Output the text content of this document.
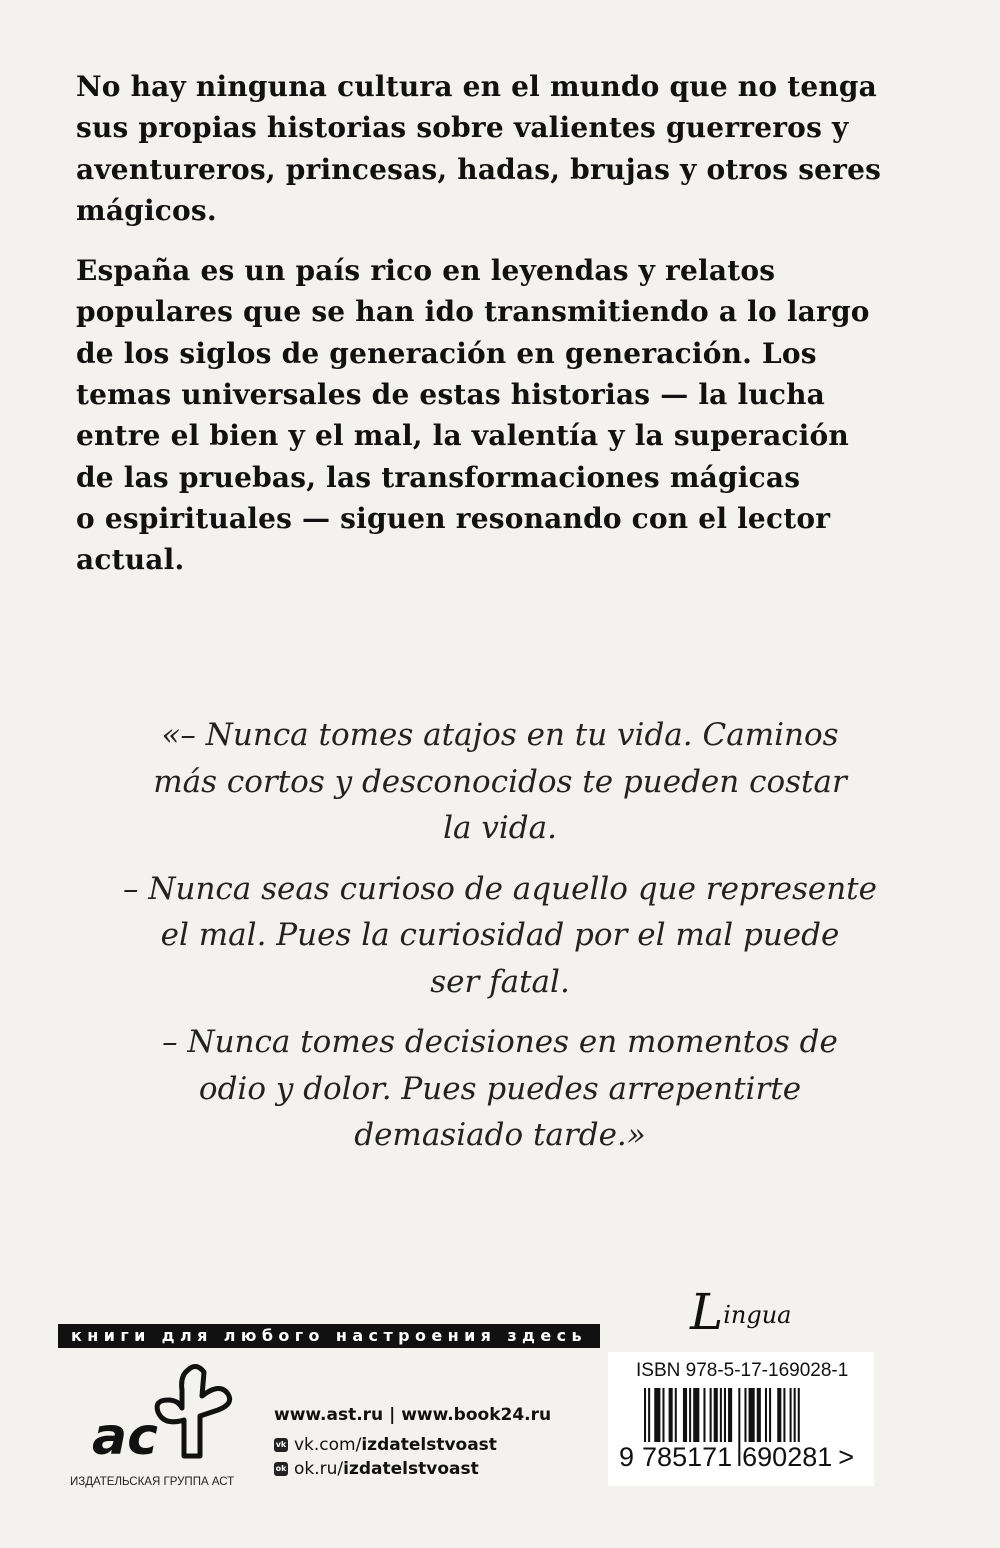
No hay ninguna cultura en el mundo que no tenga
sus propias historias sobre valientes guerreros y
aventureros, princesas, hadas, brujas y otros seres
mágicos.

España es un país rico en leyendas y relatos
populares que se han ido transmitiendo a lo largo
de los siglos de generación en generación. Los
temas universales de estas historias — la lucha
entre el bien y el mal, la valentía y la superación
de las pruebas, las transformaciones mágicas
o espirituales — siguen resonando con el lector
actual.

«– Nunca tomes atajos en tu vida. Caminos
más cortos y desconocidos te pueden costar
la vida.

– Nunca seas curioso de aquello que represente
el mal. Pues la curiosidad por el mal puede
ser fatal.

– Nunca tomes decisiones en momentos de
odio y dolor. Pues puedes arrepentirte
demasiado tarde.»

книги для любого настроения здесь
ac
ИЗДАТЕЛЬСКАЯ ГРУППА АСТ
www.ast.ru | www.book24.ru
vk vk.com/ izdatelstvoast
ok ok.ru/ izdatelstvoast
Lingua
ISBN 978-5-17-169028-1
9 785171 690281 >
